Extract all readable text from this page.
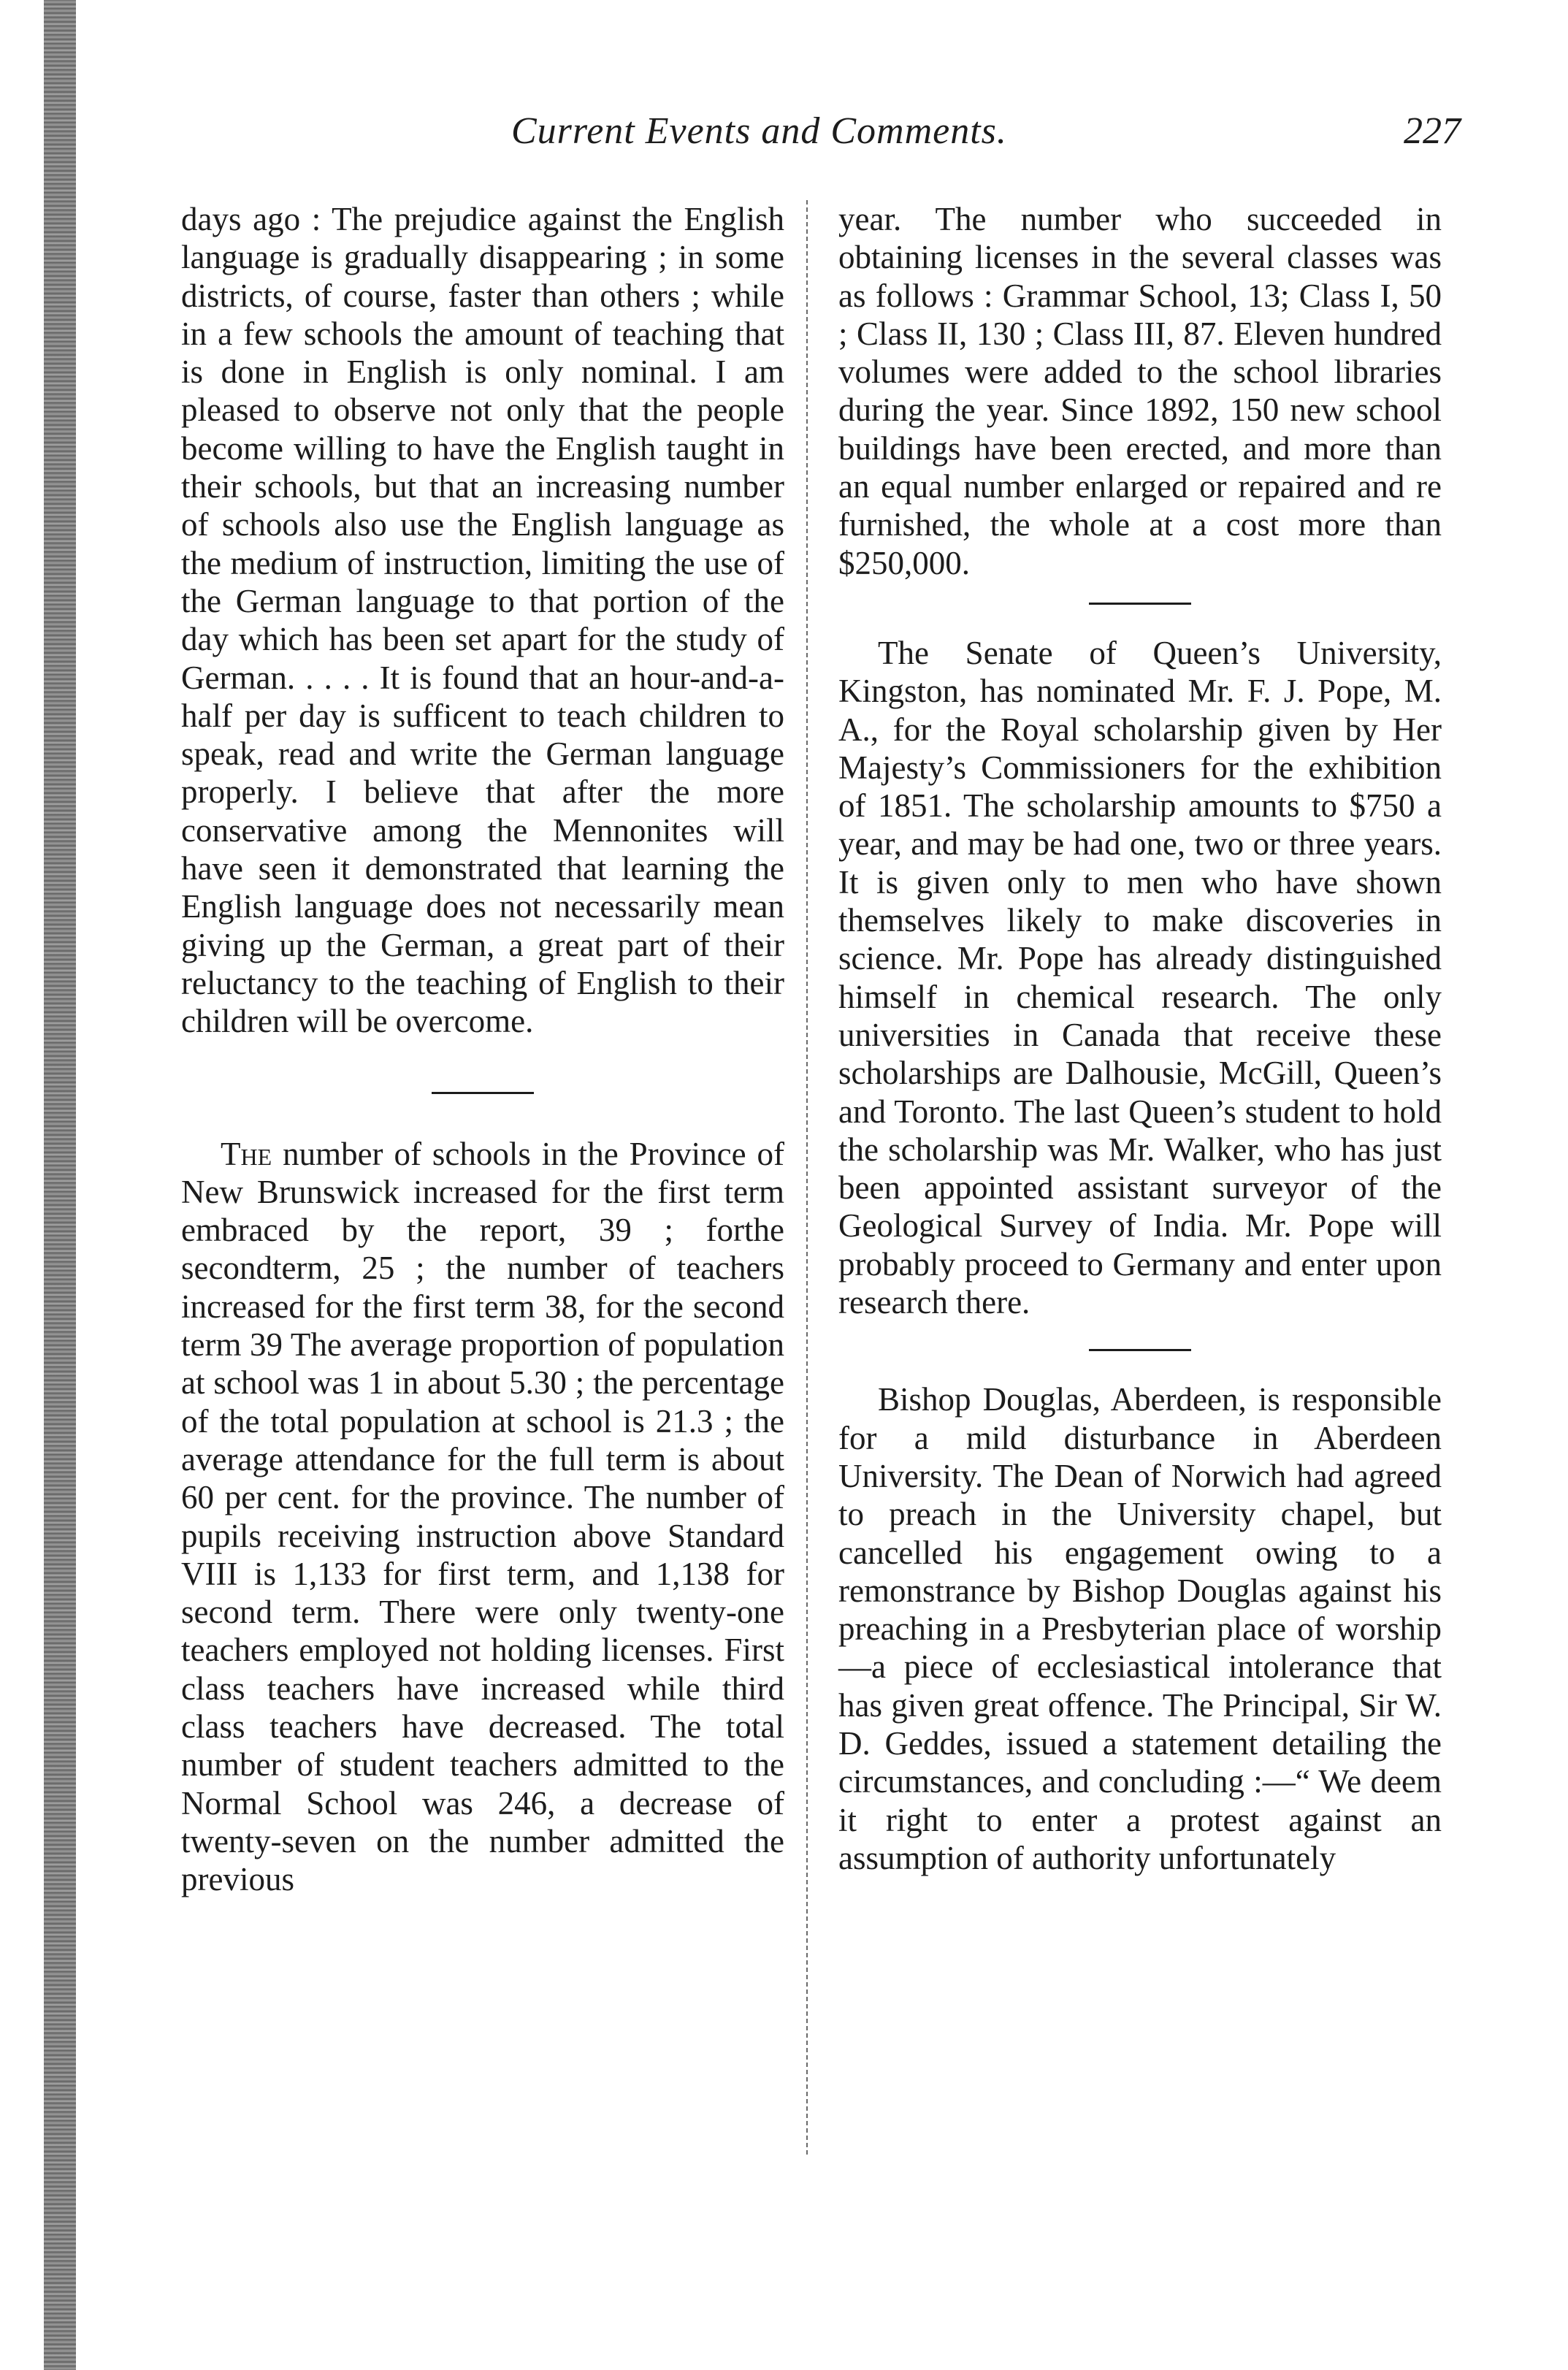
Current Events and Comments.	227

days ago : The prejudice against the English language is gradually disappearing ; in some districts, of course, faster than others ; while in a few schools the amount of teaching that is done in English is only nominal. I am pleased to observe not only that the people become willing to have the English taught in their schools, but that an increasing number of schools also use the English language as the medium of instruction, limiting the use of the German language to that portion of the day which has been set apart for the study of German. . . . . It is found that an hour-and-a-half per day is sufficent to teach children to speak, read and write the German language properly. I believe that after the more conservative among the Mennonites will have seen it demonstrated that learning the English language does not necessarily mean giving up the German, a great part of their reluctancy to the teaching of English to their children will be overcome.

The number of schools in the Province of New Brunswick increased for the first term embraced by the report, 39 ; forthe secondterm, 25 ; the number of teachers increased for the first term 38, for the second term 39 The average proportion of population at school was 1 in about 5.30 ; the percentage of the total population at school is 21.3 ; the average attendance for the full term is about 60 per cent. for the province. The number of pupils receiving instruction above Standard VIII is 1,133 for first term, and 1,138 for second term. There were only twenty-one teachers employed not holding licenses. First class teachers have increased while third class teachers have decreased. The total number of student teachers admitted to the Normal School was 246, a decrease of twenty-seven on the number admitted the previous

year. The number who succeeded in obtaining licenses in the several classes was as follows : Grammar School, 13; Class I, 50 ; Class II, 130 ; Class III, 87. Eleven hundred volumes were added to the school libraries during the year. Since 1892, 150 new school buildings have been erected, and more than an equal number enlarged or repaired and re furnished, the whole at a cost more than $250,000.

The Senate of Queen’s University, Kingston, has nominated Mr. F. J. Pope, M. A., for the Royal scholarship given by Her Majesty’s Commissioners for the exhibition of 1851. The scholarship amounts to $750 a year, and may be had one, two or three years. It is given only to men who have shown themselves likely to make discoveries in science. Mr. Pope has already distinguished himself in chemical research. The only universities in Canada that receive these scholarships are Dalhousie, McGill, Queen’s and Toronto. The last Queen’s student to hold the scholarship was Mr. Walker, who has just been appointed assistant surveyor of the Geological Survey of India. Mr. Pope will probably proceed to Germany and enter upon research there.

Bishop Douglas, Aberdeen, is responsible for a mild disturbance in Aberdeen University. The Dean of Norwich had agreed to preach in the University chapel, but cancelled his engagement owing to a remonstrance by Bishop Douglas against his preaching in a Presbyterian place of worship —a piece of ecclesiastical intolerance that has given great offence. The Principal, Sir W. D. Geddes, issued a statement detailing the circumstances, and concluding :—“ We deem it right to enter a protest against an assumption of authority unfortunately
